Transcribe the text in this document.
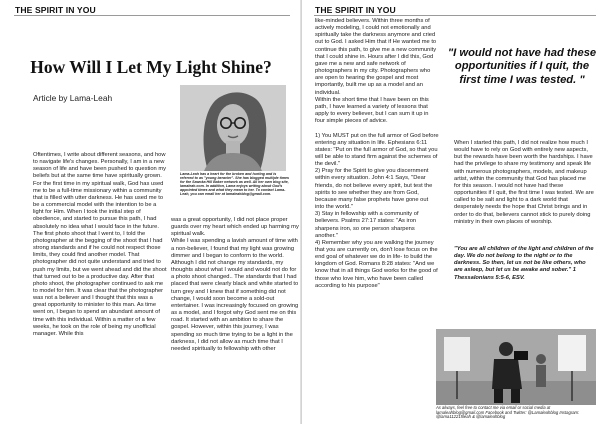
THE SPIRIT IN YOU
How Will I Let My Light Shine?
Article by Lama-Leah
Lama-Leah has a heart for the broken and hurting and is referred to as "young beravier". She has blogged multiple times for the Sawoka Hill Baker network as well. All her own blog site, lamaleah.com. In addition, Lama enjoys writing about God's appointed times and what they mean to her. To contact Lama-Leah, you can email her at lamaleahblog@gmail.com.
Oftentimes, I write about different seasons, and how to navigate life's changes. Personally, I am in a new season of life and have been pushed to question my beliefs but at the same time have spiritually grown. For the first time in my spiritual walk, God has used me to be a full-time missionary within a community that is filled with utter darkness. He has used me to be a commercial model with the intention to be a light for Him. When I took the initial step of obedience, and started to pursue this path, I had absolutely no idea what I would face in the future.
The first photo shoot that I went to, I told the photographer at the begging of the shoot that I had strong standards and if he could not respect those limits, they could find another model. That photographer did not quite understand and tried to push my limits, but we went ahead and did the shoot that turned out to be a productive day. After that photo shoot, the photographer continued to ask me to model for him. It was clear that the photographer was not a believer and I thought that this was a great opportunity to minister to this man. As time went on, I began to spend an abundant amount of time with this individual. Within a matter of a few weeks, he took on the role of being my unofficial manager. While this
was a great opportunity, I did not place proper guards over my heart which ended up harming my spiritual walk.
While I was spending a lavish amount of time with a non-believer, I found that my light was growing dimmer and I began to conform to the world. Although I did not change my standards, my thoughts about what I would and would not do for a photo shoot changed.. The standards that I had placed that were clearly black and white started to turn grey and I knew that if something did not change, I would soon become a sold-out entertainer. I was increasingly focused on growing as a model, and I forgot why God sent me on this road. It started with an ambition to share the gospel. However, within this journey, I was spending so much time trying to be a light in the darkness, I did not allow as much time that I needed spiritually to fellowship with other
THE SPIRIT IN YOU
like-minded believers. Within three months of actively modeling, I could not emotionally and spiritually take the darkness anymore and cried out to God. I asked Him that if He wanted me to continue this path, to give me a new community that I could shine in. Hours after I did this, God gave me a new and safe network of photographers in my city. Photographers who are open to hearing the gospel and most importantly, built me up as a model and an individual.
Within the short time that I have been on this path, I have learned a variety of lessons that apply to every believer, but I can sum it up in four simple pieces of advice.

1) You MUST put on the full armor of God before entering any situation in life. Ephesians 6:11 states: "Put on the full armor of God, so that you will be able to stand firm against the schemes of the devil."
2) Pray for the Spirit to give you discernment within every situation. John 4:1 Says, "Dear friends, do not believe every spirit, but test the spirits to see whether they are from God, because many false prophets have gone out into the world."
3) Stay in fellowship with a community of believers. Psalms 27:17 states: "As iron sharpens iron, so one person sharpens another."
4) Remember why you are walking the journey that you are currently on, don't lose focus on the end goal of whatever we do in life- to build the kingdom of God. Romans 8:28 states: "And we know that in all things God works for the good of those who love him, who have been called according to his purpose"
"I would not have had these opportunities if I quit, the first time I was tested. "
When I started this path, I did not realize how much I would have to rely on God with entirely new aspects, but the rewards have been worth the hardships. I have had the privilege to share my testimony and speak life with numerous photographers, models, and makeup artist, within the community that God has placed me for this season. I would not have had these opportunities if I quit, the first time I was tested. We are called to be salt and light to a dark world that desperately needs the hope that Christ brings and in order to do that, believers cannot stick to purely doing ministry in their own places of worship.
"You are all children of the light and children of the day. We do not belong to the night or to the darkness. So then, let us not be like others, who are asleep, but let us be awake and sober." 1 Thessalonians 5:5-6, ESV.
As always, feel free to contact me via email or social media at lamaleahblog@gmail.com Facebook and Twitter: @Lamaleahblog Instagram: @lama112215leah & @lamaleahblog
